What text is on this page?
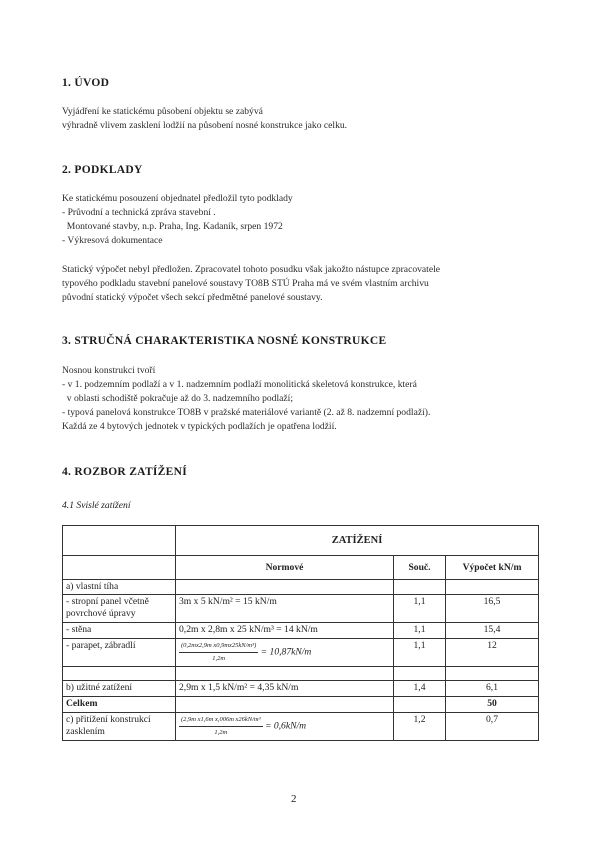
1. ÚVOD
Vyjádření ke statickému působení objektu se zabývá
výhradně vlivem zasklení lodžií na působení nosné konstrukce jako celku.
2. PODKLADY
Ke statickému posouzení objednatel předložil tyto podklady
- Průvodní a technická zpráva stavební .
Montované stavby, n.p. Praha, Ing. Kadaník, srpen 1972
- Výkresová dokumentace
Statický výpočet nebyl předložen. Zpracovatel tohoto posudku však jakožto nástupce zpracovatele
typového podkladu stavební panelové soustavy TO8B STÚ Praha má ve svém vlastním archivu
původní statický výpočet všech sekcí předmětné panelové soustavy.
3. STRUČNÁ CHARAKTERISTIKA NOSNÉ KONSTRUKCE
Nosnou konstrukci tvoří
- v 1. podzemním podlaží a v 1. nadzemním podlaží monolitická skeletová konstrukce, která
v oblasti schodiště pokračuje až do 3. nadzemního podlaží;
- typová panelová konstrukce TO8B v pražské materiálové variantě (2. až 8. nadzemní podlaží).
Každá ze 4 bytových jednotek v typických podlažích je opatřena lodžií.
4. ROZBOR ZATÍŽENÍ
4.1 Svislé zatížení
	ZATÍŽENÍ		
	Normové	Souč.	Výpočet kN/m
a) vlastní tíha			
- stropní panel včetně povrchové úpravy	3m x 5 kN/m² = 15 kN/m	1,1	16,5
- stěna	0,2m x 2,8m x 25 kN/m³ = 14 kN/m	1,1	15,4
- parapet, zábradlí	$\frac{\text{(0,2mx2,9m x0,9mx25kN/m³)}}{1,2m} = 10,87kN/m$	1,1	12

b) užitné zatížení	2,9m x 1,5 kN/m² = 4,35 kN/m	1,4	6,1
Celkem			50
c) přitížení konstrukcí zasklením	$\frac{\text{(2,9m x1,6m x,006m x26kN/m³}}{1,2m} = 0,6kN/m$	1,2	0,7
2
